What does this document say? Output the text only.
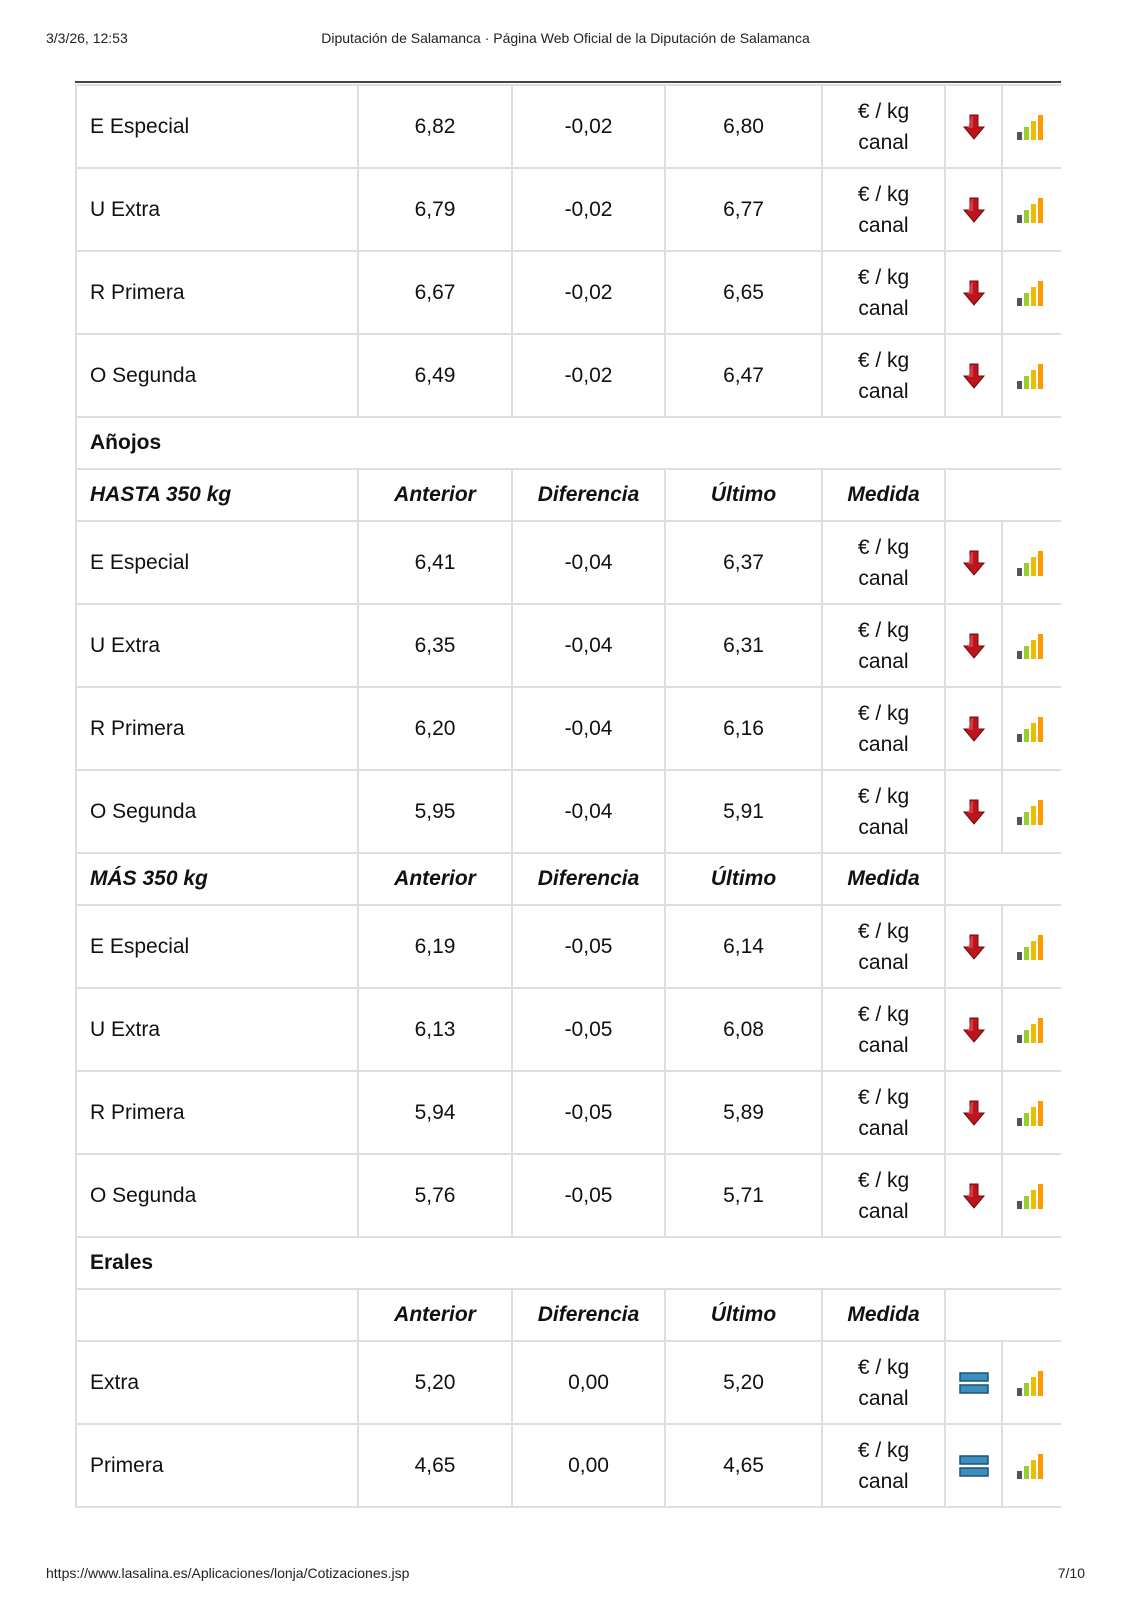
3/3/26, 12:53	Diputación de Salamanca · Página Web Oficial de la Diputación de Salamanca
E Especial	6,82	-0,02	6,80	€ / kg
canal		
U Extra	6,79	-0,02	6,77	€ / kg
canal		
R Primera	6,67	-0,02	6,65	€ / kg
canal		
O Segunda	6,49	-0,02	6,47	€ / kg
canal		
Añojos						
HASTA 350 kg	Anterior	Diferencia	Último	Medida		
E Especial	6,41	-0,04	6,37	€ / kg
canal		
U Extra	6,35	-0,04	6,31	€ / kg
canal		
R Primera	6,20	-0,04	6,16	€ / kg
canal		
O Segunda	5,95	-0,04	5,91	€ / kg
canal		
MÁS 350 kg	Anterior	Diferencia	Último	Medida		
E Especial	6,19	-0,05	6,14	€ / kg
canal		
U Extra	6,13	-0,05	6,08	€ / kg
canal		
R Primera	5,94	-0,05	5,89	€ / kg
canal		
O Segunda	5,76	-0,05	5,71	€ / kg
canal		
Erales						
	Anterior	Diferencia	Último	Medida		
Extra	5,20	0,00	5,20	€ / kg
canal		
Primera	4,65	0,00	4,65	€ / kg
canal		
https://www.lasalina.es/Aplicaciones/lonja/Cotizaciones.jsp	7/10
